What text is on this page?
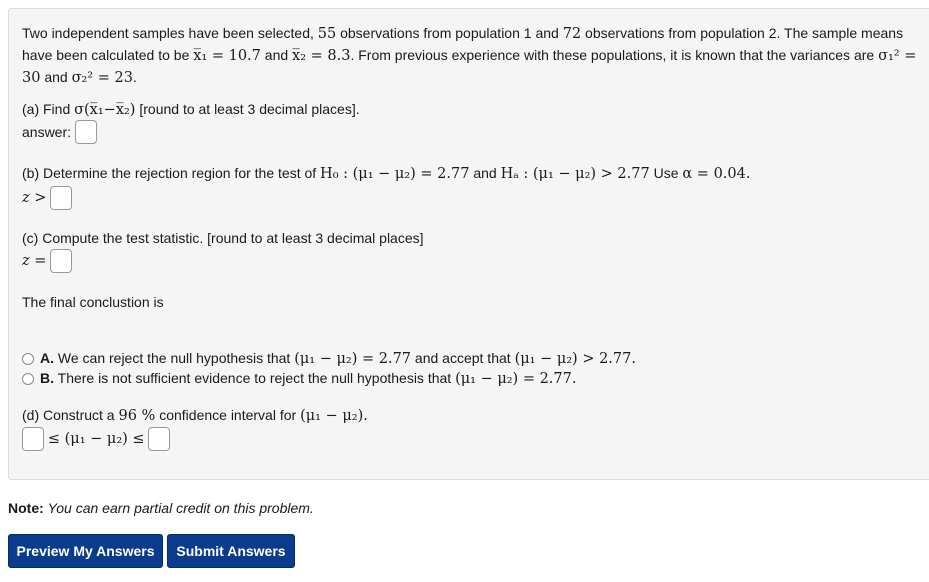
Two independent samples have been selected, 55 observations from population 1 and 72 observations from population 2. The sample means have been calculated to be x̅₁ = 10.7 and x̅₂ = 8.3. From previous experience with these populations, it is known that the variances are σ₁² = 30 and σ₂² = 23.
(a) Find σ(x̅₁−x̅₂) [round to at least 3 decimal places].
answer:
(b) Determine the rejection region for the test of H₀ : (μ₁ − μ₂) = 2.77 and Hₐ : (μ₁ − μ₂) > 2.77 Use α = 0.04.
z >
(c) Compute the test statistic. [round to at least 3 decimal places]
z =
The final conclustion is
A. We can reject the null hypothesis that (μ₁ − μ₂) = 2.77 and accept that (μ₁ − μ₂) > 2.77.
B. There is not sufficient evidence to reject the null hypothesis that (μ₁ − μ₂) = 2.77.
(d) Construct a 96 % confidence interval for (μ₁ − μ₂).
≤ (μ₁ − μ₂) ≤
Note: You can earn partial credit on this problem.
Preview My Answers	Submit Answers
